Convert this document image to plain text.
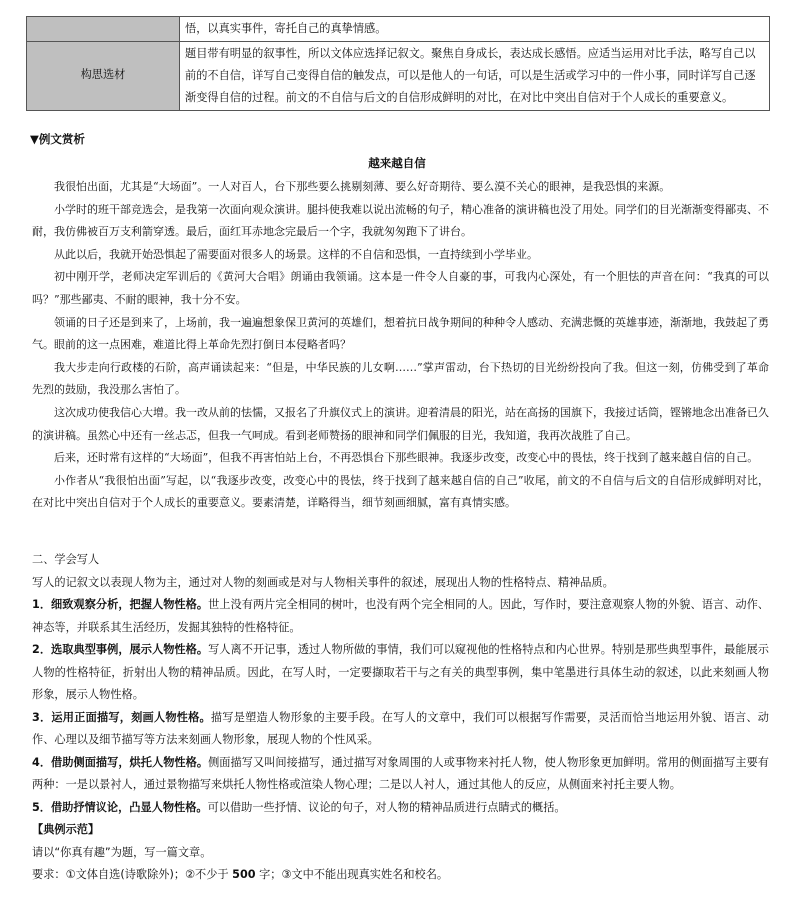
	悟，以真实事件，寄托自己的真挚情感。

构思选材	题目带有明显的叙事性，所以文体应选择记叙文。聚焦自身成长，表达成长感悟。应适当运用对比手法，略写自己以前的不自信，详写自己变得自信的触发点，可以是他人的一句话，可以是生活或学习中的一件小事，同时详写自己逐渐变得自信的过程。前文的不自信与后文的自信形成鲜明的对比，在对比中突出自信对于个人成长的重要意义。
▼例文赏析
越来越自信

我很怕出面，尤其是“大场面”。一人对百人，台下那些要么挑剔刻薄、要么好奇期待、要么漠不关心的眼神，是我恐惧的来源。

小学时的班干部竞选会，是我第一次面向观众演讲。腿抖使我难以说出流畅的句子，精心准备的演讲稿也没了用处。同学们的目光渐渐变得鄙夷、不耐，我仿佛被百万支利箭穿透。最后，面红耳赤地念完最后一个字，我就匆匆跑下了讲台。

从此以后，我就开始恐惧起了需要面对很多人的场景。这样的不自信和恐惧，一直持续到小学毕业。

初中刚开学，老师决定军训后的《黄河大合唱》朗诵由我领诵。这本是一件令人自豪的事，可我内心深处，有一个胆怯的声音在问：“我真的可以吗？”那些鄙夷、不耐的眼神，我十分不安。

领诵的日子还是到来了，上场前，我一遍遍想象保卫黄河的英雄们，想着抗日战争期间的种种令人感动、充满悲慨的英雄事迹，渐渐地，我鼓起了勇气。眼前的这一点困难，难道比得上革命先烈打倒日本侵略者吗？

我大步走向行政楼的石阶，高声诵读起来：“但是，中华民族的儿女啊……”掌声雷动，台下热切的目光纷纷投向了我。但这一刻，仿佛受到了革命先烈的鼓励，我没那么害怕了。

这次成功使我信心大增。我一改从前的怯懦，又报名了升旗仪式上的演讲。迎着清晨的阳光，站在高扬的国旗下，我接过话筒，铿锵地念出准备已久的演讲稿。虽然心中还有一丝忐忑，但我一气呵成。看到老师赞扬的眼神和同学们佩服的目光，我知道，我再次战胜了自己。

后来，还时常有这样的“大场面”，但我不再害怕站上台，不再恐惧台下那些眼神。我逐步改变，改变心中的畏怯，终于找到了越来越自信的自己。

小作者从“我很怕出面”写起，以“我逐步改变，改变心中的畏怯，终于找到了越来越自信的自己”收尾，前文的不自信与后文的自信形成鲜明对比，在对比中突出自信对于个人成长的重要意义。要素清楚，详略得当，细节刻画细腻，富有真情实感。

二、学会写人

写人的记叙文以表现人物为主，通过对人物的刻画或是对与人物相关事件的叙述，展现出人物的性格特点、精神品质。

1．细致观察分析，把握人物性格。世上没有两片完全相同的树叶，也没有两个完全相同的人。因此，写作时，要注意观察人物的外貌、语言、动作、神态等，并联系其生活经历，发掘其独特的性格特征。

2．选取典型事例，展示人物性格。写人离不开记事，透过人物所做的事情，我们可以窥视他的性格特点和内心世界。特别是那些典型事件，最能展示人物的性格特征，折射出人物的精神品质。因此，在写人时，一定要撷取若干与之有关的典型事例，集中笔墨进行具体生动的叙述，以此来刻画人物形象，展示人物性格。

3．运用正面描写，刻画人物性格。描写是塑造人物形象的主要手段。在写人的文章中，我们可以根据写作需要，灵活而恰当地运用外貌、语言、动作、心理以及细节描写等方法来刻画人物形象，展现人物的个性风采。

4．借助侧面描写，烘托人物性格。侧面描写又叫间接描写，通过描写对象周围的人或事物来衬托人物，使人物形象更加鲜明。常用的侧面描写主要有两种：一是以景衬人，通过景物描写来烘托人物性格或渲染人物心理；二是以人衬人，通过其他人的反应，从侧面来衬托主要人物。

5．借助抒情议论，凸显人物性格。可以借助一些抒情、议论的句子，对人物的精神品质进行点睛式的概括。

【典例示范】

请以“你真有趣”为题，写一篇文章。

要求：①文体自选(诗歌除外)；②不少于 500 字；③文中不能出现真实姓名和校名。
